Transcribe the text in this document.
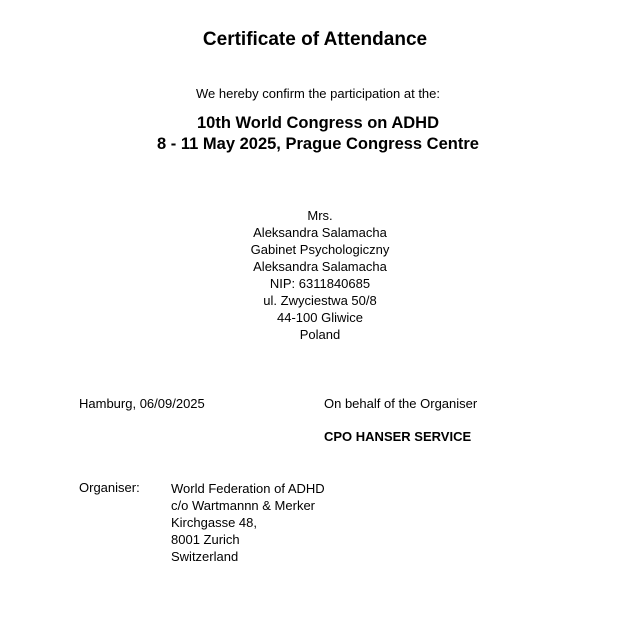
Certificate of Attendance
We hereby confirm the participation at the:
10th World Congress on ADHD
8 - 11 May 2025, Prague Congress Centre
Mrs.
Aleksandra Salamacha
Gabinet Psychologiczny
Aleksandra Salamacha
NIP: 6311840685
ul. Zwyciestwa 50/8
44-100 Gliwice
Poland
Hamburg, 06/09/2025	On behalf of the Organiser
CPO HANSER SERVICE
Organiser: World Federation of ADHD
c/o Wartmannn & Merker
Kirchgasse 48,
8001 Zurich
Switzerland
